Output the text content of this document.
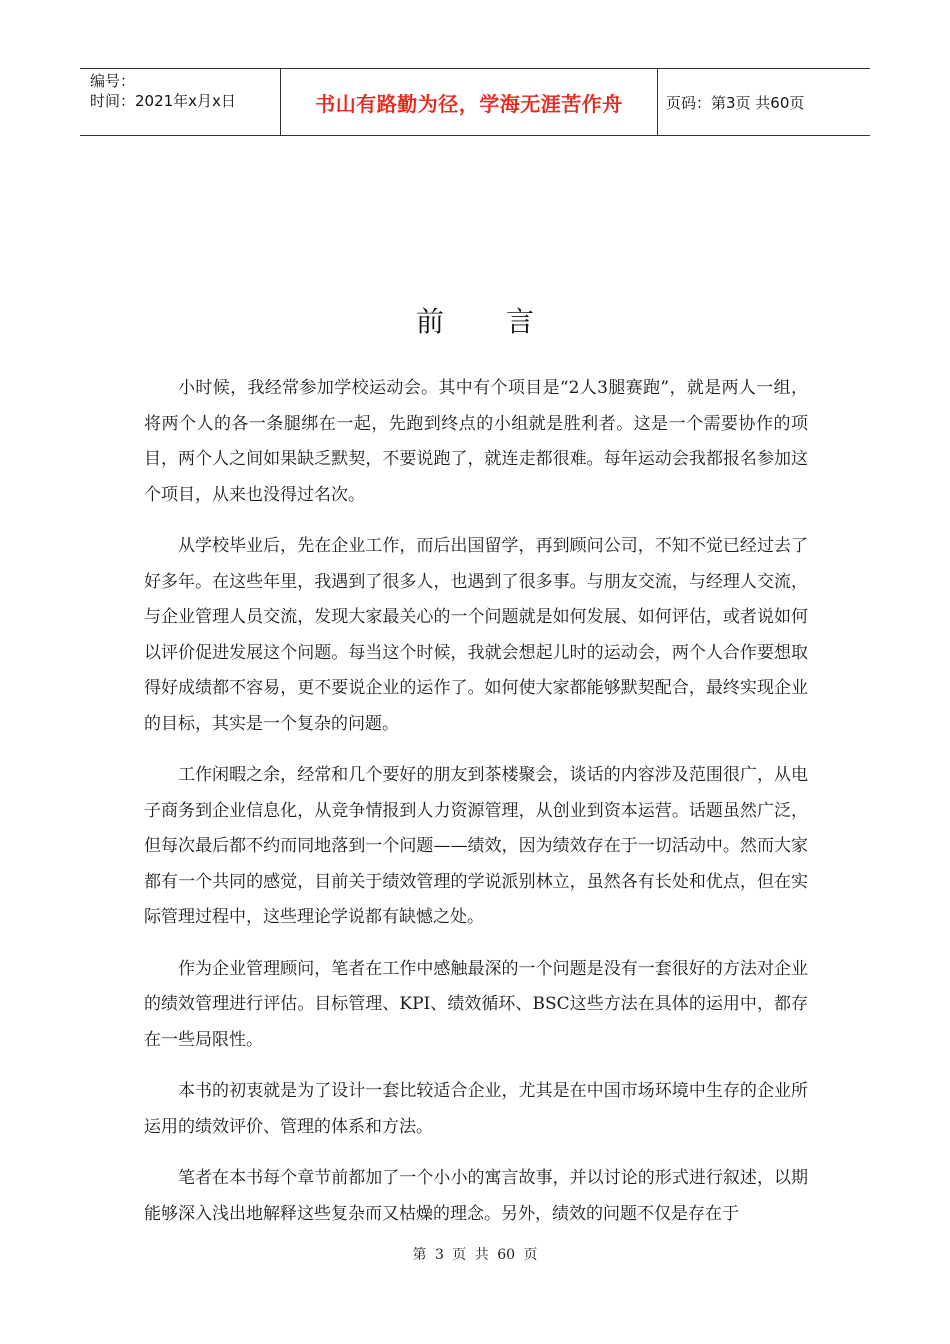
编号：
时间：2021年x月x日	书山有路勤为径，学海无涯苦作舟	页码：第3页 共60页
前言

小时候，我经常参加学校运动会。其中有个项目是“2人3腿赛跑”，就是两人一组，将两个人的各一条腿绑在一起，先跑到终点的小组就是胜利者。这是一个需要协作的项目，两个人之间如果缺乏默契，不要说跑了，就连走都很难。每年运动会我都报名参加这个项目，从来也没得过名次。

从学校毕业后，先在企业工作，而后出国留学，再到顾问公司，不知不觉已经过去了好多年。在这些年里，我遇到了很多人，也遇到了很多事。与朋友交流，与经理人交流，与企业管理人员交流，发现大家最关心的一个问题就是如何发展、如何评估，或者说如何以评价促进发展这个问题。每当这个时候，我就会想起儿时的运动会，两个人合作要想取得好成绩都不容易，更不要说企业的运作了。如何使大家都能够默契配合，最终实现企业的目标，其实是一个复杂的问题。

工作闲暇之余，经常和几个要好的朋友到茶楼聚会，谈话的内容涉及范围很广，从电子商务到企业信息化，从竞争情报到人力资源管理，从创业到资本运营。话题虽然广泛，但每次最后都不约而同地落到一个问题——绩效，因为绩效存在于一切活动中。然而大家都有一个共同的感觉，目前关于绩效管理的学说派别林立，虽然各有长处和优点，但在实际管理过程中，这些理论学说都有缺憾之处。

作为企业管理顾问，笔者在工作中感触最深的一个问题是没有一套很好的方法对企业的绩效管理进行评估。目标管理、KPI、绩效循环、BSC这些方法在具体的运用中，都存在一些局限性。

本书的初衷就是为了设计一套比较适合企业，尤其是在中国市场环境中生存的企业所运用的绩效评价、管理的体系和方法。

笔者在本书每个章节前都加了一个小小的寓言故事，并以讨论的形式进行叙述，以期能够深入浅出地解释这些复杂而又枯燥的理念。另外，绩效的问题不仅是存在于

第 3 页 共 60 页
